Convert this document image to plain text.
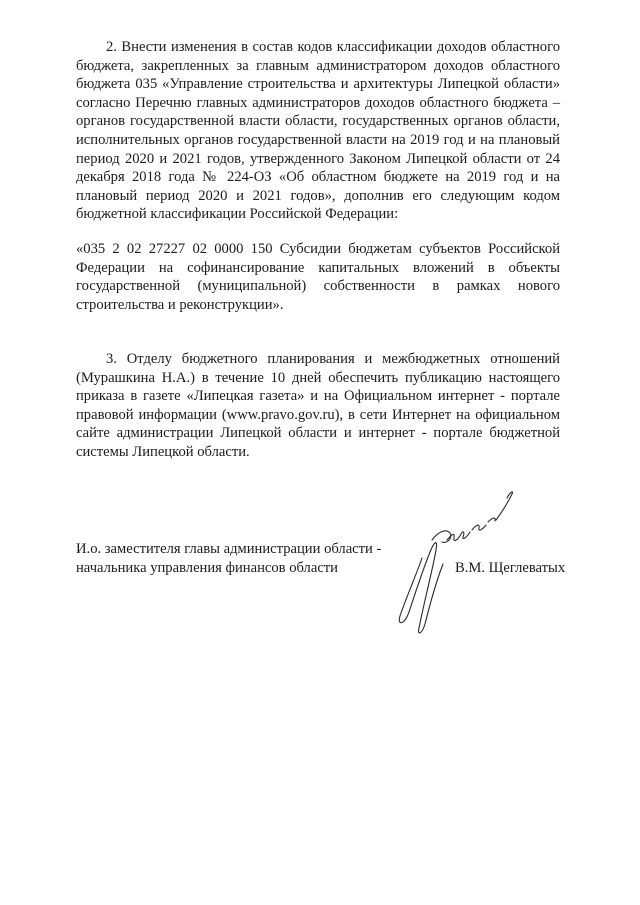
2. Внести изменения в состав кодов классификации доходов областного бюджета, закрепленных за главным администратором доходов областного бюджета 035 «Управление строительства и архитектуры Липецкой области» согласно Перечню главных администраторов доходов областного бюджета – органов государственной власти области, государственных органов области, исполнительных органов государственной власти на 2019 год и на плановый период 2020 и 2021 годов, утвержденного Законом Липецкой области от 24 декабря 2018 года № 224-ОЗ «Об областном бюджете на 2019 год и на плановый период 2020 и 2021 годов», дополнив его следующим кодом бюджетной классификации Российской Федерации:

«035 2 02 27227 02 0000 150 Субсидии бюджетам субъектов Российской Федерации на софинансирование капитальных вложений в объекты государственной (муниципальной) собственности в рамках нового строительства и реконструкции».

3. Отделу бюджетного планирования и межбюджетных отношений (Мурашкина Н.А.) в течение 10 дней обеспечить публикацию настоящего приказа в газете «Липецкая газета» и на Официальном интернет - портале правовой информации (www.pravo.gov.ru), в сети Интернет на официальном сайте администрации Липецкой области и интернет - портале бюджетной системы Липецкой области.

И.о. заместителя главы администрации области -
начальника управления финансов области	В.М. Щеглеватых
